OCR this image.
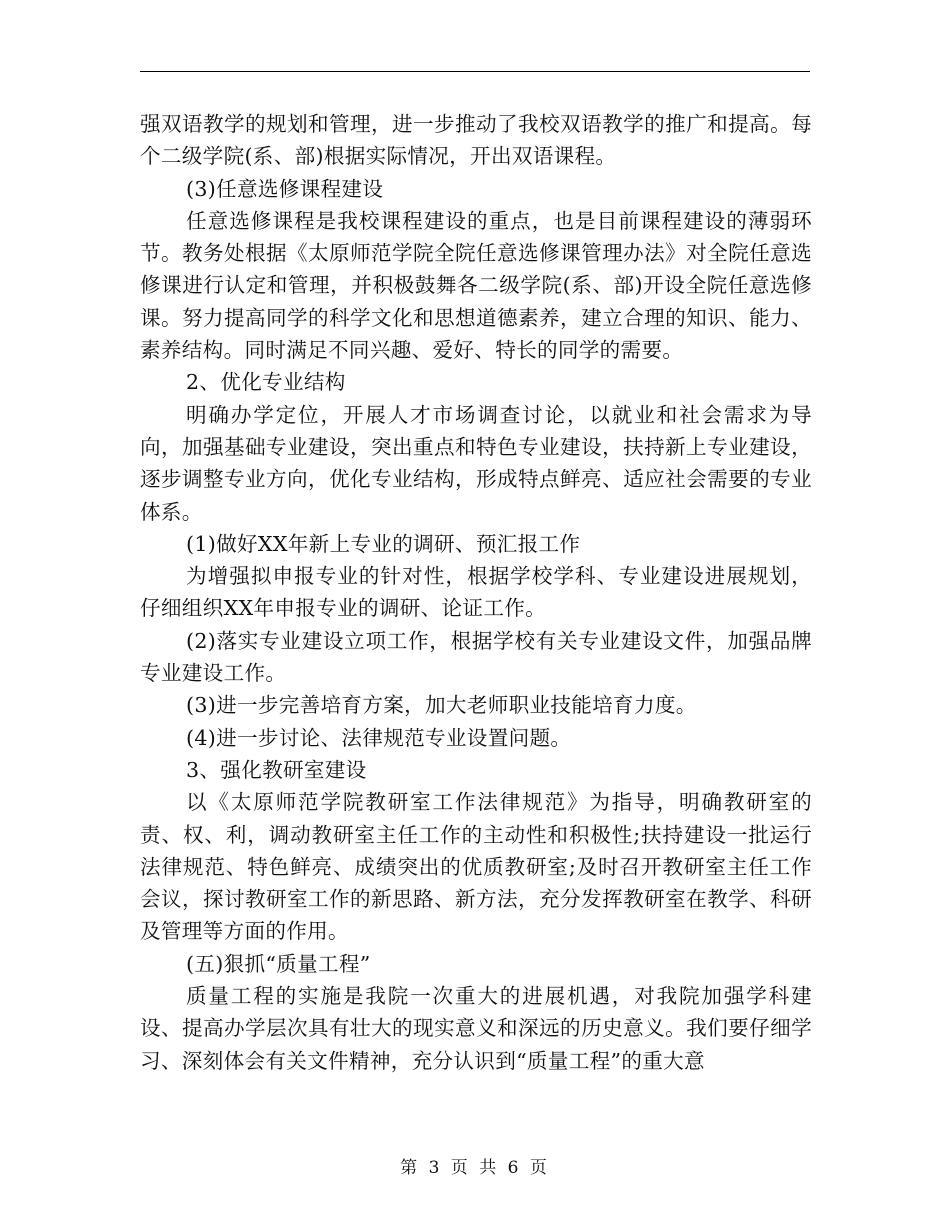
强双语教学的规划和管理，进一步推动了我校双语教学的推广和提高。每个二级学院(系、部)根据实际情况，开出双语课程。

(3)任意选修课程建设

任意选修课程是我校课程建设的重点，也是目前课程建设的薄弱环节。教务处根据《太原师范学院全院任意选修课管理办法》对全院任意选修课进行认定和管理，并积极鼓舞各二级学院(系、部)开设全院任意选修课。努力提高同学的科学文化和思想道德素养，建立合理的知识、能力、素养结构。同时满足不同兴趣、爱好、特长的同学的需要。

2、优化专业结构

明确办学定位，开展人才市场调查讨论，以就业和社会需求为导向，加强基础专业建设，突出重点和特色专业建设，扶持新上专业建设，逐步调整专业方向，优化专业结构，形成特点鲜亮、适应社会需要的专业体系。

(1)做好XX年新上专业的调研、预汇报工作

为增强拟申报专业的针对性，根据学校学科、专业建设进展规划，仔细组织XX年申报专业的调研、论证工作。

(2)落实专业建设立项工作，根据学校有关专业建设文件，加强品牌专业建设工作。

(3)进一步完善培育方案，加大老师职业技能培育力度。

(4)进一步讨论、法律规范专业设置问题。

3、强化教研室建设

以《太原师范学院教研室工作法律规范》为指导，明确教研室的责、权、利，调动教研室主任工作的主动性和积极性;扶持建设一批运行法律规范、特色鲜亮、成绩突出的优质教研室;及时召开教研室主任工作会议，探讨教研室工作的新思路、新方法，充分发挥教研室在教学、科研及管理等方面的作用。

(五)狠抓“质量工程”

质量工程的实施是我院一次重大的进展机遇，对我院加强学科建设、提高办学层次具有壮大的现实意义和深远的历史意义。我们要仔细学习、深刻体会有关文件精神，充分认识到“质量工程”的重大意

第 3 页 共 6 页
